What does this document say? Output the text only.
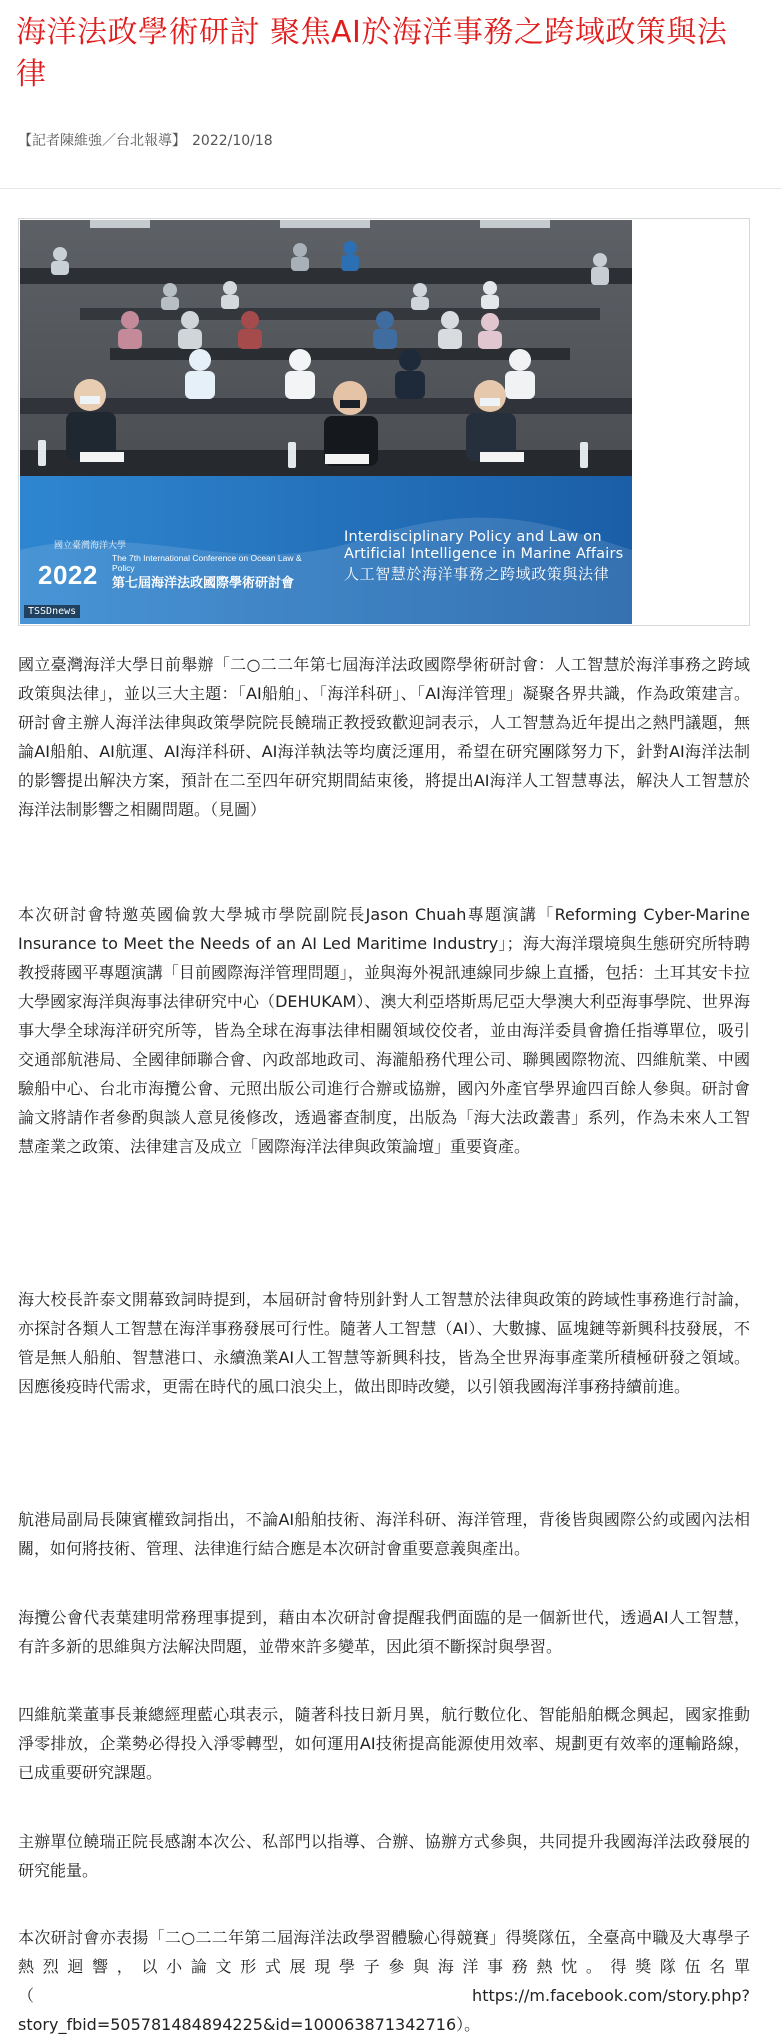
海洋法政學術研討 聚焦AI於海洋事務之跨域政策與法律
【記者陳維強／台北報導】 2022/10/18
國立臺灣海洋大學
2022
The 7th International Conference on Ocean Law & Policy
第七屆海洋法政國際學術研討會
Interdisciplinary Policy and Law on Artificial Intelligence in Marine Affairs
人工智慧於海洋事務之跨域政策與法律
TSSDnews

國立臺灣海洋大學日前舉辦「二○二二年第七屆海洋法政國際學術研討會：人工智慧於海洋事務之跨域政策與法律」，並以三大主題：「AI船舶」、「海洋科研」、「AI海洋管理」凝聚各界共識，作為政策建言。研討會主辦人海洋法律與政策學院院長饒瑞正教授致歡迎詞表示，人工智慧為近年提出之熱門議題，無論AI船舶、AI航運、AI海洋科研、AI海洋執法等均廣泛運用，希望在研究團隊努力下，針對AI海洋法制的影響提出解決方案，預計在二至四年研究期間結束後，將提出AI海洋人工智慧專法，解決人工智慧於海洋法制影響之相關問題。（見圖）

本次研討會特邀英國倫敦大學城市學院副院長Jason Chuah專題演講「Reforming Cyber-Marine Insurance to Meet the Needs of an AI Led Maritime Industry」；海大海洋環境與生態研究所特聘教授蔣國平專題演講「目前國際海洋管理問題」，並與海外視訊連線同步線上直播，包括：土耳其安卡拉大學國家海洋與海事法律研究中心（DEHUKAM）、澳大利亞塔斯馬尼亞大學澳大利亞海事學院、世界海事大學全球海洋研究所等，皆為全球在海事法律相關領域佼佼者，並由海洋委員會擔任指導單位，吸引交通部航港局、全國律師聯合會、內政部地政司、海瀧船務代理公司、聯興國際物流、四維航業、中國驗船中心、台北市海攬公會、元照出版公司進行合辦或協辦，國內外產官學界逾四百餘人參與。研討會論文將請作者參酌與談人意見後修改，透過審查制度，出版為「海大法政叢書」系列，作為未來人工智慧產業之政策、法律建言及成立「國際海洋法律與政策論壇」重要資產。

海大校長許泰文開幕致詞時提到，本屆研討會特別針對人工智慧於法律與政策的跨域性事務進行討論，亦探討各類人工智慧在海洋事務發展可行性。隨著人工智慧（AI）、大數據、區塊鏈等新興科技發展，不管是無人船舶、智慧港口、永續漁業AI人工智慧等新興科技，皆為全世界海事產業所積極研發之領域。因應後疫時代需求，更需在時代的風口浪尖上，做出即時改變，以引領我國海洋事務持續前進。

航港局副局長陳賓權致詞指出，不論AI船舶技術、海洋科研、海洋管理，背後皆與國際公約或國內法相關，如何將技術、管理、法律進行結合應是本次研討會重要意義與產出。

海攬公會代表葉建明常務理事提到，藉由本次研討會提醒我們面臨的是一個新世代，透過AI人工智慧，有許多新的思維與方法解決問題，並帶來許多變革，因此須不斷探討與學習。

四維航業董事長兼總經理藍心琪表示，隨著科技日新月異，航行數位化、智能船舶概念興起，國家推動淨零排放，企業勢必得投入淨零轉型，如何運用AI技術提高能源使用效率、規劃更有效率的運輸路線，已成重要研究課題。

主辦單位饒瑞正院長感謝本次公、私部門以指導、合辦、協辦方式參與，共同提升我國海洋法政發展的研究能量。

本次研討會亦表揚「二○二二年第二屆海洋法政學習體驗心得競賽」得獎隊伍，全臺高中職及大專學子熱烈迴響，以小論文形式展現學子參與海洋事務熱忱。得獎隊伍名單（https://m.facebook.com/story.php?story_fbid=505781484894225&id=100063871342716）。
